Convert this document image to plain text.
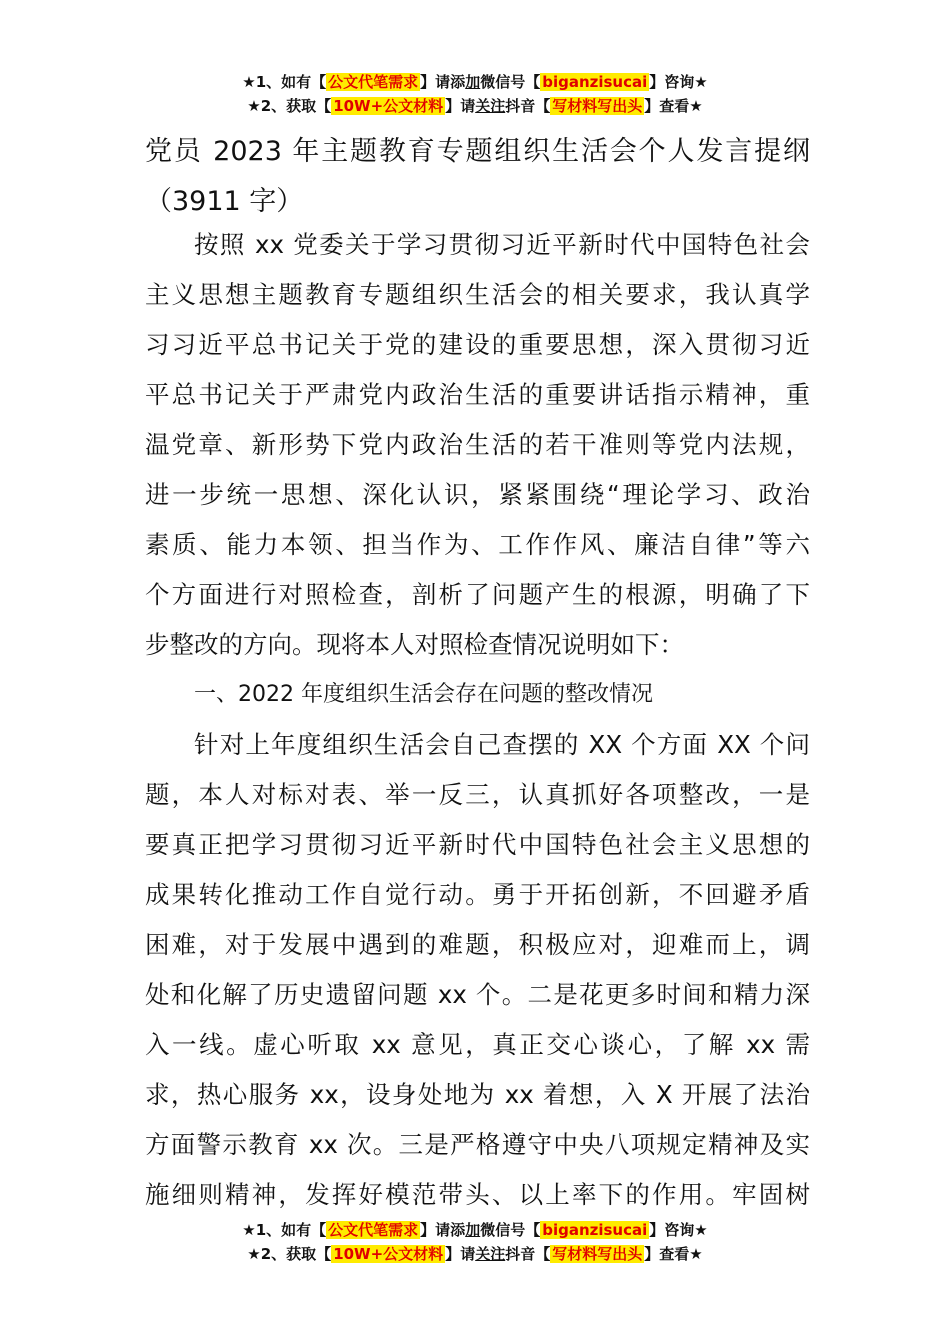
★1、如有【 公文代笔需求 】请添加微信号【 biganzisucai 】咨询★
★2、获取【 10W+公文材料 】请关注抖音【 写材料写出头 】查看★
党员 2023 年主题教育专题组织生活会个人发言提纲
（3911 字）
按照 xx 党委关于学习贯彻习近平新时代中国特色社会
主义思想主题教育专题组织生活会的相关要求，我认真学
习习近平总书记关于党的建设的重要思想，深入贯彻习近
平总书记关于严肃党内政治生活的重要讲话指示精神，重
温党章、新形势下党内政治生活的若干准则等党内法规，
进一步统一思想、深化认识，紧紧围绕“理论学习、政治
素质、能力本领、担当作为、工作作风、廉洁自律”等六
个方面进行对照检查，剖析了问题产生的根源，明确了下
步整改的方向。现将本人对照检查情况说明如下：
一、2022 年度组织生活会存在问题的整改情况
针对上年度组织生活会自己查摆的 XX 个方面 XX 个问
题，本人对标对表、举一反三，认真抓好各项整改，一是
要真正把学习贯彻习近平新时代中国特色社会主义思想的
成果转化推动工作自觉行动。勇于开拓创新，不回避矛盾
困难，对于发展中遇到的难题，积极应对，迎难而上，调
处和化解了历史遗留问题 xx 个。二是花更多时间和精力深
入一线。虚心听取 xx 意见，真正交心谈心，了解 xx 需
求，热心服务 xx，设身处地为 xx 着想，入 X 开展了法治
方面警示教育 xx 次。三是严格遵守中央八项规定精神及实
施细则精神，发挥好模范带头、以上率下的作用。牢固树
★1、如有【 公文代笔需求 】请添加微信号【 biganzisucai 】咨询★
★2、获取【 10W+公文材料 】请关注抖音【 写材料写出头 】查看★
